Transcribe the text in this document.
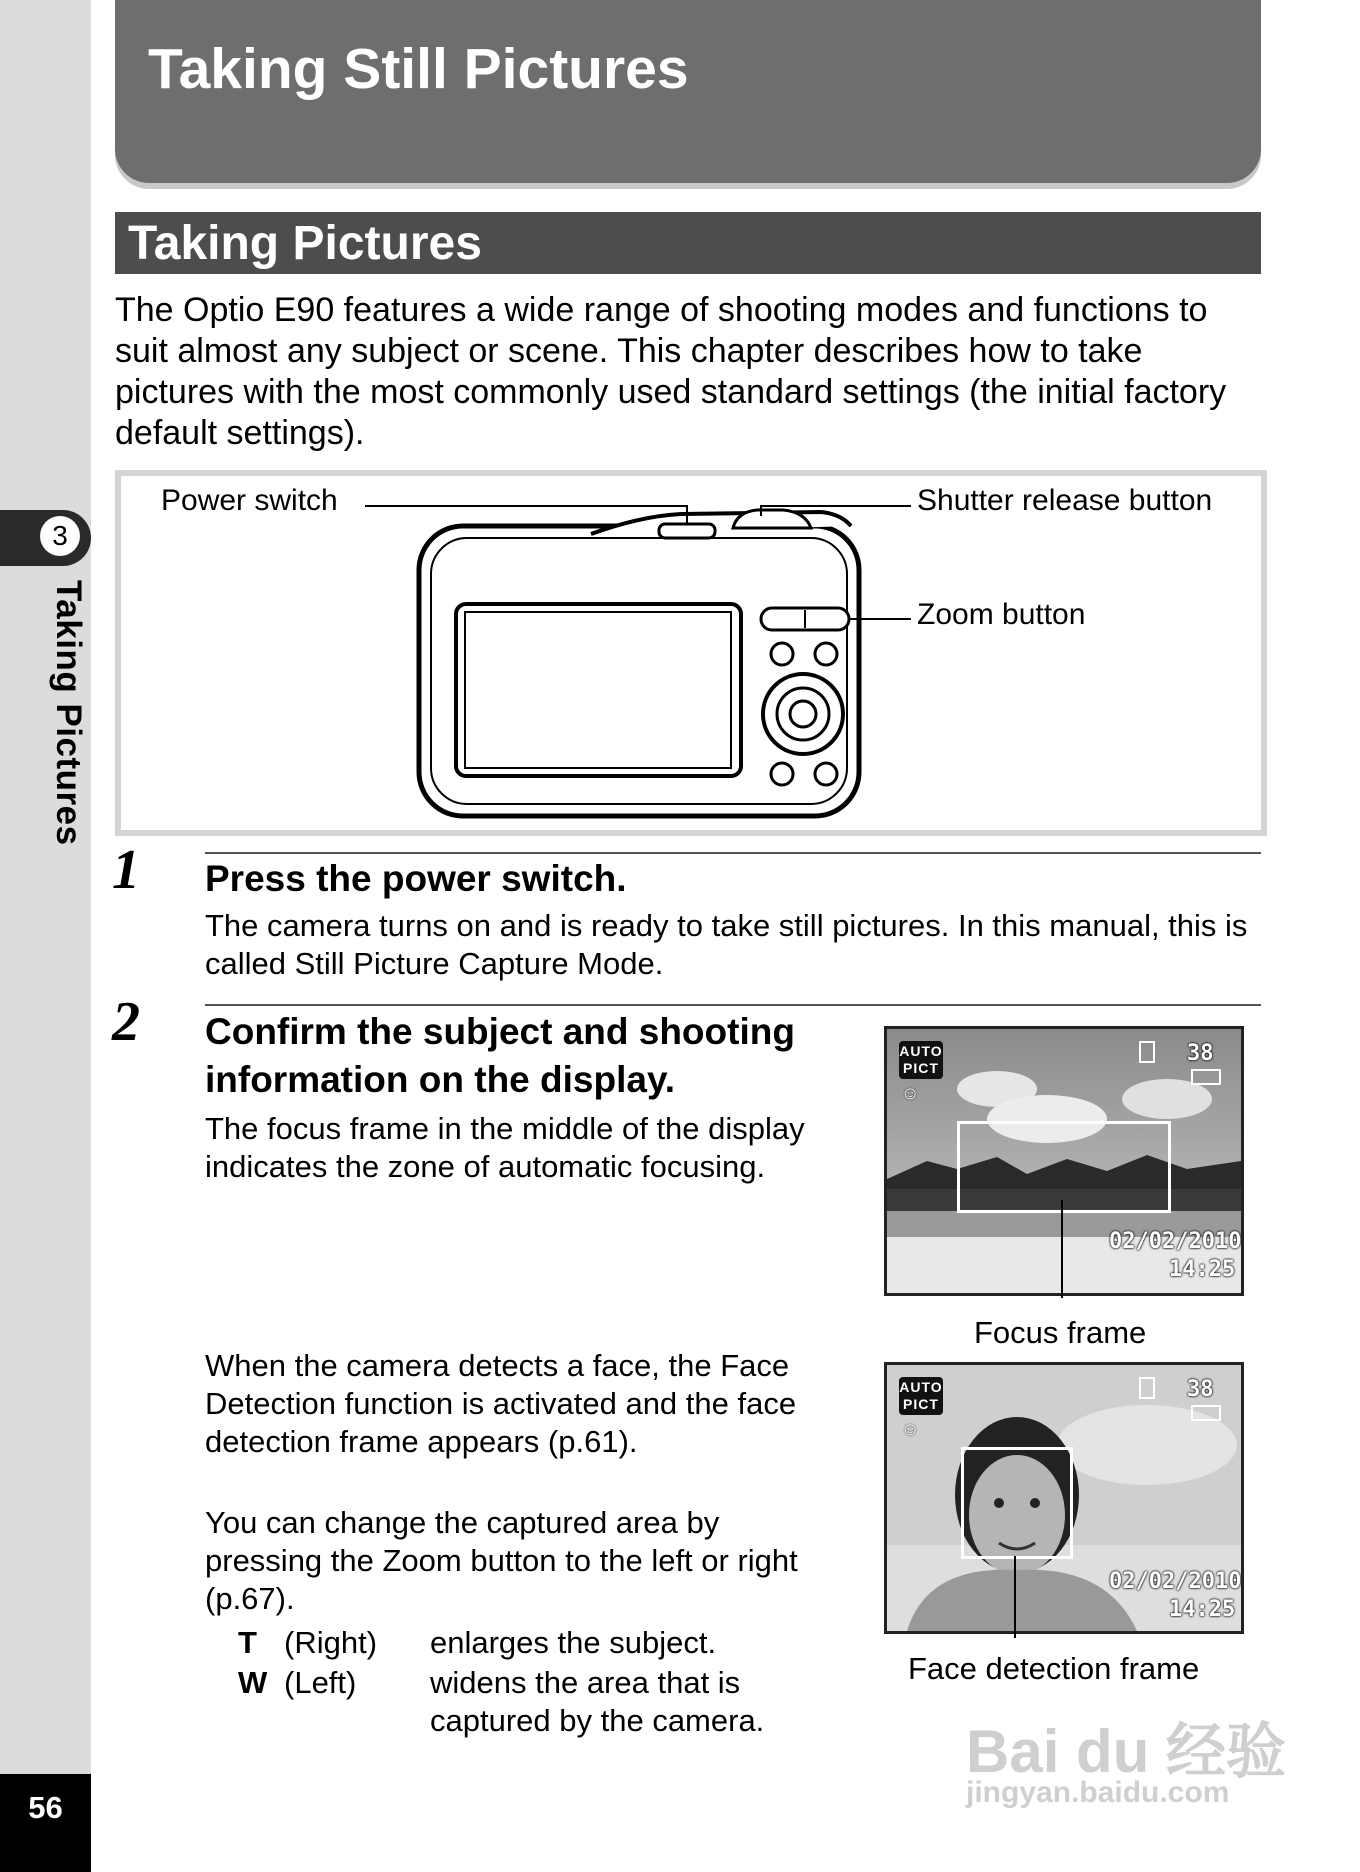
3
Taking Pictures
56
Taking Still Pictures
Taking Pictures
The Optio E90 features a wide range of shooting modes and functions to suit almost any subject or scene. This chapter describes how to take pictures with the most commonly used standard settings (the initial factory default settings).
Power switch	Shutter release button
Zoom button
1 Press the power switch.
The camera turns on and is ready to take still pictures. In this manual, this is called Still Picture Capture Mode.
2 Confirm the subject and shooting
information on the display.
The focus frame in the middle of the display
indicates the zone of automatic focusing.
When the camera detects a face, the Face
Detection function is activated and the face
detection frame appears (p.61).
You can change the captured area by
pressing the Zoom button to the left or right
(p.67).
T (Right) enlarges the subject.
W (Left) widens the area that is
captured by the camera.
AUTO
PICT
☺
38
02/02/2010
14:25
Focus frame
AUTO
PICT
☺
38
02/02/2010
14:25
Face detection frame
Bai du 经验
jingyan.baidu.com
